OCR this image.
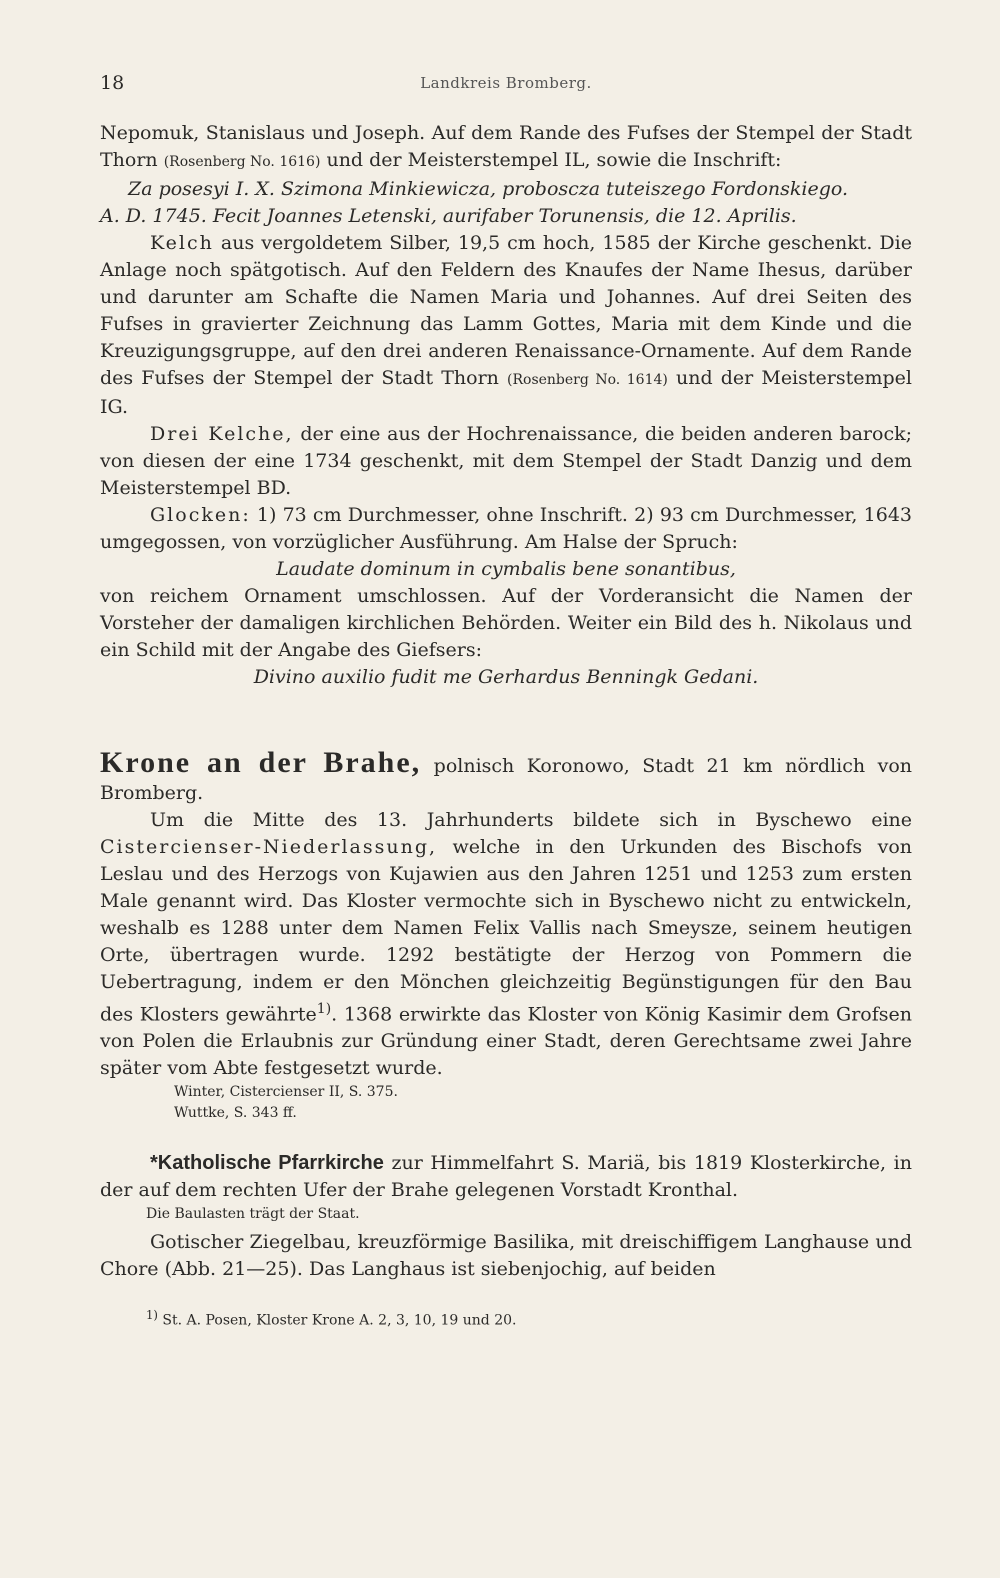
18	Landkreis Bromberg.

Nepomuk, Stanislaus und Joseph. Auf dem Rande des Fufses der Stempel der Stadt Thorn (Rosenberg No. 1616) und der Meisterstempel IL, sowie die Inschrift:

Za posesyi I. X. Szimona Minkiewicza, proboscza tuteiszego Fordonskiego.
A. D. 1745. Fecit Joannes Letenski, aurifaber Torunensis, die 12. Aprilis.

Kelch aus vergoldetem Silber, 19,5 cm hoch, 1585 der Kirche geschenkt. Die Anlage noch spätgotisch. Auf den Feldern des Knaufes der Name Ihesus, darüber und darunter am Schafte die Namen Maria und Johannes. Auf drei Seiten des Fufses in gravierter Zeichnung das Lamm Gottes, Maria mit dem Kinde und die Kreuzigungsgruppe, auf den drei anderen Renaissance-Ornamente. Auf dem Rande des Fufses der Stempel der Stadt Thorn (Rosenberg No. 1614) und der Meisterstempel IG.

Drei Kelche, der eine aus der Hochrenaissance, die beiden anderen barock; von diesen der eine 1734 geschenkt, mit dem Stempel der Stadt Danzig und dem Meisterstempel BD.

Glocken: 1) 73 cm Durchmesser, ohne Inschrift. 2) 93 cm Durchmesser, 1643 umgegossen, von vorzüglicher Ausführung. Am Halse der Spruch:

Laudate dominum in cymbalis bene sonantibus,

von reichem Ornament umschlossen. Auf der Vorderansicht die Namen der Vorsteher der damaligen kirchlichen Behörden. Weiter ein Bild des h. Nikolaus und ein Schild mit der Angabe des Giefsers:

Divino auxilio fudit me Gerhardus Benningk Gedani.

Krone an der Brahe, polnisch Koronowo, Stadt 21 km nördlich von Bromberg.

Um die Mitte des 13. Jahrhunderts bildete sich in Byschewo eine Cistercienser-Niederlassung, welche in den Urkunden des Bischofs von Leslau und des Herzogs von Kujawien aus den Jahren 1251 und 1253 zum ersten Male genannt wird. Das Kloster vermochte sich in Byschewo nicht zu entwickeln, weshalb es 1288 unter dem Namen Felix Vallis nach Smeysze, seinem heutigen Orte, übertragen wurde. 1292 bestätigte der Herzog von Pommern die Uebertragung, indem er den Mönchen gleichzeitig Begünstigungen für den Bau des Klosters gewährte$^{1)}$. 1368 erwirkte das Kloster von König Kasimir dem Grofsen von Polen die Erlaubnis zur Gründung einer Stadt, deren Gerechtsame zwei Jahre später vom Abte festgesetzt wurde.

Winter, Cistercienser II, S. 375.
Wuttke, S. 343 ff.

*Katholische Pfarrkirche zur Himmelfahrt S. Mariä, bis 1819 Klosterkirche, in der auf dem rechten Ufer der Brahe gelegenen Vorstadt Kronthal.

Die Baulasten trägt der Staat.

Gotischer Ziegelbau, kreuzförmige Basilika, mit dreischiffigem Langhause und Chore (Abb. 21—25). Das Langhaus ist siebenjochig, auf beiden

$^{1)}$ St. A. Posen, Kloster Krone A. 2, 3, 10, 19 und 20.
